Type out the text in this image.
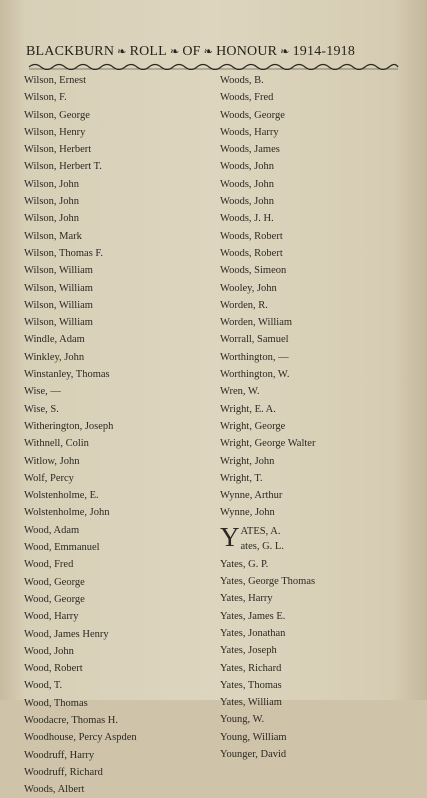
BLACKBURN ❧ ROLL ❧ OF ❧ HONOUR ❧ 1914-1918
Wilson, Ernest
Wilson, F.
Wilson, George
Wilson, Henry
Wilson, Herbert
Wilson, Herbert T.
Wilson, John
Wilson, John
Wilson, John
Wilson, Mark
Wilson, Thomas F.
Wilson, William
Wilson, William
Wilson, William
Wilson, William
Windle, Adam
Winkley, John
Winstanley, Thomas
Wise, —
Wise, S.
Witherington, Joseph
Withnell, Colin
Witlow, John
Wolf, Percy
Wolstenholme, E.
Wolstenholme, John
Wood, Adam
Wood, Emmanuel
Wood, Fred
Wood, George
Wood, George
Wood, Harry
Wood, James Henry
Wood, John
Wood, Robert
Wood, T.
Wood, Thomas
Woodacre, Thomas H.
Woodhouse, Percy Aspden
Woodruff, Harry
Woodruff, Richard
Woods, Albert
Woods, B.
Woods, Fred
Woods, George
Woods, Harry
Woods, James
Woods, John
Woods, John
Woods, John
Woods, J. H.
Woods, Robert
Woods, Robert
Woods, Simeon
Wooley, John
Worden, R.
Worden, William
Worrall, Samuel
Worthington, —
Worthington, W.
Wren, W.
Wright, E. A.
Wright, George
Wright, George Walter
Wright, John
Wright, T.
Wynne, Arthur
Wynne, John
YATES, A.
ates, G. L.
Yates, G. P.
Yates, George Thomas
Yates, Harry
Yates, James E.
Yates, Jonathan
Yates, Joseph
Yates, Richard
Yates, Thomas
Yates, William
Young, W.
Young, William
Younger, David
